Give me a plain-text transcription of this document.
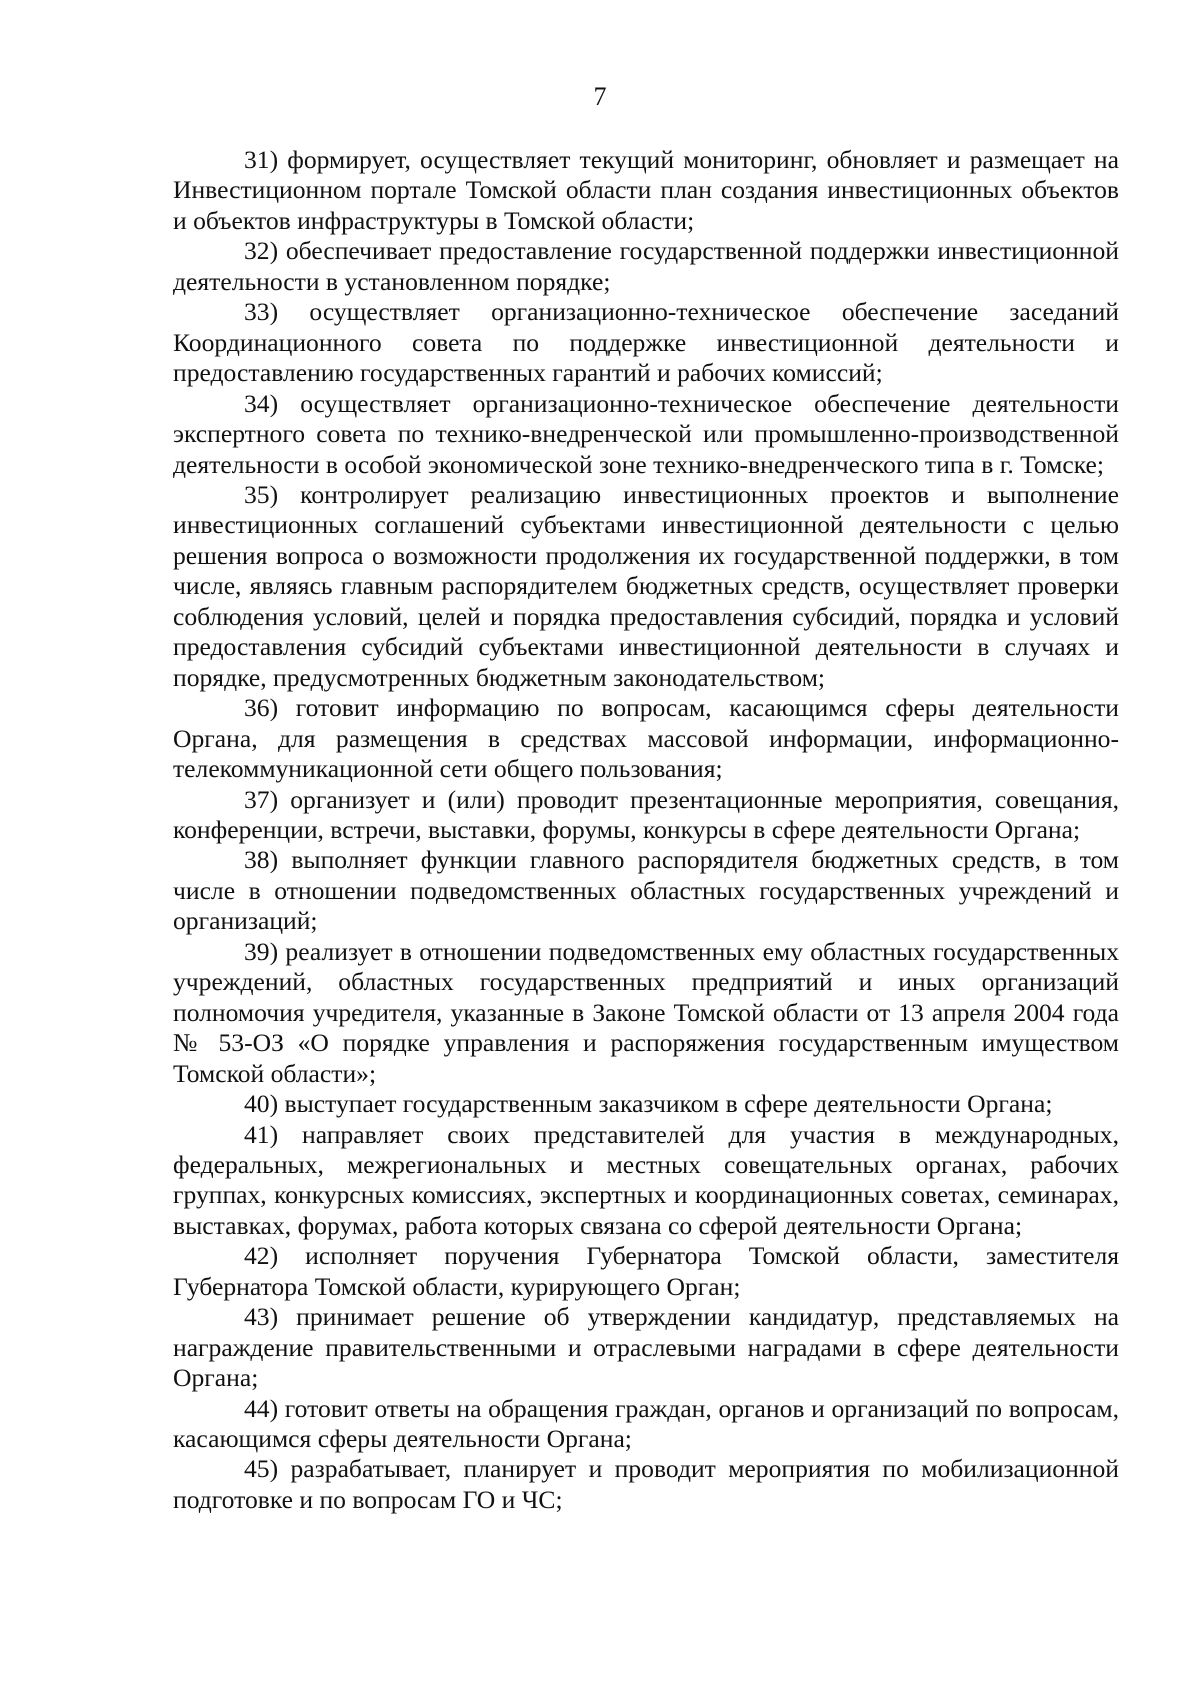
7

31) формирует, осуществляет текущий мониторинг, обновляет и размещает на Инвестиционном портале Томской области план создания инвестиционных объектов и объектов инфраструктуры в Томской области;

32) обеспечивает предоставление государственной поддержки инвестиционной деятельности в установленном порядке;

33) осуществляет организационно-техническое обеспечение заседаний Координационного совета по поддержке инвестиционной деятельности и предоставлению государственных гарантий и рабочих комиссий;

34) осуществляет организационно-техническое обеспечение деятельности экспертного совета по технико-внедренческой или промышленно-производственной деятельности в особой экономической зоне технико-внедренческого типа в г. Томске;

35) контролирует реализацию инвестиционных проектов и выполнение инвестиционных соглашений субъектами инвестиционной деятельности с целью решения вопроса о возможности продолжения их государственной поддержки, в том числе, являясь главным распорядителем бюджетных средств, осуществляет проверки соблюдения условий, целей и порядка предоставления субсидий, порядка и условий предоставления субсидий субъектами инвестиционной деятельности в случаях и порядке, предусмотренных бюджетным законодательством;

36) готовит информацию по вопросам, касающимся сферы деятельности Органа, для размещения в средствах массовой информации, информационно-телекоммуникационной сети общего пользования;

37) организует и (или) проводит презентационные мероприятия, совещания, конференции, встречи, выставки, форумы, конкурсы в сфере деятельности Органа;

38) выполняет функции главного распорядителя бюджетных средств, в том числе в отношении подведомственных областных государственных учреждений и организаций;

39) реализует в отношении подведомственных ему областных государственных учреждений, областных государственных предприятий и иных организаций полномочия учредителя, указанные в Законе Томской области от 13 апреля 2004 года № 53-ОЗ «О порядке управления и распоряжения государственным имуществом Томской области»;

40) выступает государственным заказчиком в сфере деятельности Органа;

41) направляет своих представителей для участия в международных, федеральных, межрегиональных и местных совещательных органах, рабочих группах, конкурсных комиссиях, экспертных и координационных советах, семинарах, выставках, форумах, работа которых связана со сферой деятельности Органа;

42) исполняет поручения Губернатора Томской области, заместителя Губернатора Томской области, курирующего Орган;

43) принимает решение об утверждении кандидатур, представляемых на награждение правительственными и отраслевыми наградами в сфере деятельности Органа;

44) готовит ответы на обращения граждан, органов и организаций по вопросам, касающимся сферы деятельности Органа;

45) разрабатывает, планирует и проводит мероприятия по мобилизационной подготовке и по вопросам ГО и ЧС;
